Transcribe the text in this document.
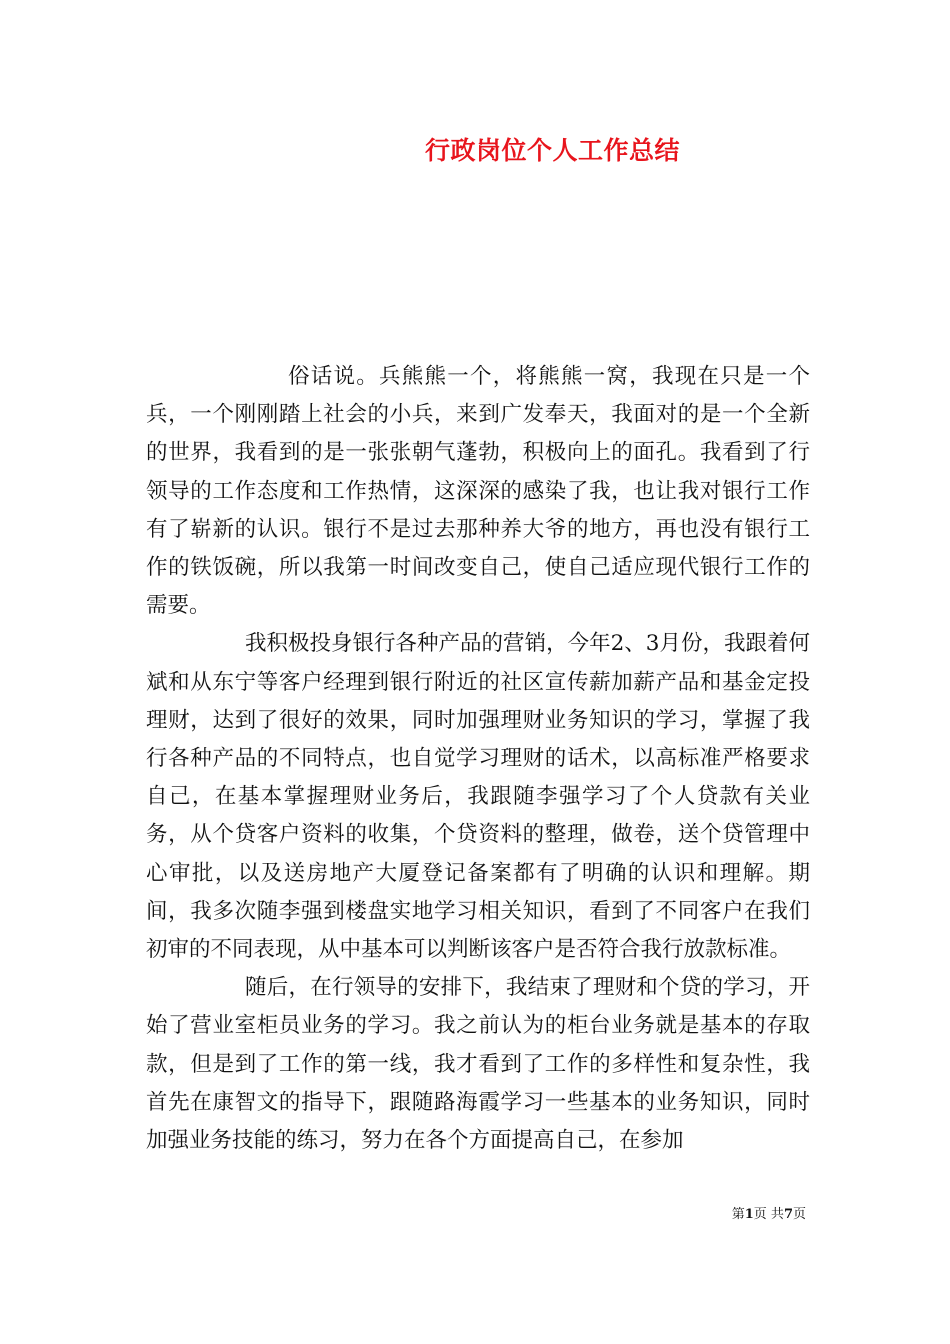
行政岗位个人工作总结

俗话说。兵熊熊一个，将熊熊一窝，我现在只是一个兵，一个刚刚踏上社会的小兵，来到广发奉天，我面对的是一个全新的世界，我看到的是一张张朝气蓬勃，积极向上的面孔。我看到了行领导的工作态度和工作热情，这深深的感染了我，也让我对银行工作有了崭新的认识。银行不是过去那种养大爷的地方，再也没有银行工作的铁饭碗，所以我第一时间改变自己，使自己适应现代银行工作的需要。

我积极投身银行各种产品的营销，今年2、3月份，我跟着何斌和从东宁等客户经理到银行附近的社区宣传薪加薪产品和基金定投理财，达到了很好的效果，同时加强理财业务知识的学习，掌握了我行各种产品的不同特点，也自觉学习理财的话术，以高标准严格要求自己，在基本掌握理财业务后，我跟随李强学习了个人贷款有关业务，从个贷客户资料的收集，个贷资料的整理，做卷，送个贷管理中心审批，以及送房地产大厦登记备案都有了明确的认识和理解。期间，我多次随李强到楼盘实地学习相关知识，看到了不同客户在我们初审的不同表现，从中基本可以判断该客户是否符合我行放款标准。

随后，在行领导的安排下，我结束了理财和个贷的学习，开始了营业室柜员业务的学习。我之前认为的柜台业务就是基本的存取款，但是到了工作的第一线，我才看到了工作的多样性和复杂性，我首先在康智文的指导下，跟随路海霞学习一些基本的业务知识，同时加强业务技能的练习，努力在各个方面提高自己，在参加

第1页 共7页
